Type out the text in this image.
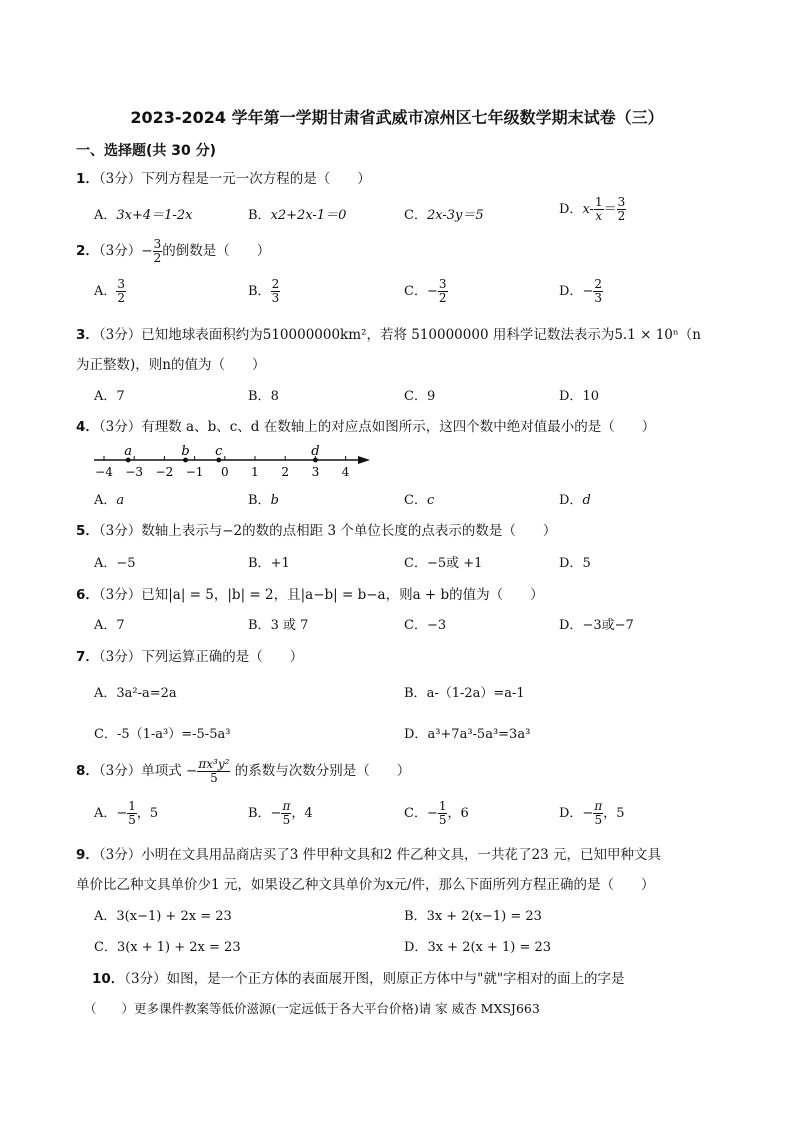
2023-2024 学年第一学期甘肃省武威市凉州区七年级数学期末试卷（三）
一、选择题(共 30 分)
1．（3分）下列方程是一元一次方程的是（　　）
A．3x+4＝1-2x	B．x2+2x-1＝0	C．2x-3y＝5	D．$x- \frac{1}{x} = \frac{3}{2}$
2．（3分）− $\frac{3}{2}$ 的倒数是（　　）
A． $\frac{3}{2}$	B． $\frac{2}{3}$	C．− $\frac{3}{2}$	D．− $\frac{2}{3}$
3．（3分）已知地球表面积约为510000000km²，若将 510000000 用科学记数法表示为5.1 × 10ⁿ（n
为正整数)，则n的值为（　　）
A．7	B．8	C．9	D．10
4．（3分）有理数 a、b、c、d 在数轴上的对应点如图所示，这四个数中绝对值最小的是（　　）
−4 −3 −2 −1 0 1 2 3 4
a	b c	d
A．a	B．b	C．c	D．d
5．（3分）数轴上表示与−2的数的点相距 3 个单位长度的点表示的数是（　　）
A．−5	B．+1	C．−5或 +1	D．5
6．（3分）已知|a| = 5，|b| = 2，且|a−b| = b−a，则a + b的值为（　　）
A．7	B．3 或 7	C．−3	D．−3或−7
7．（3分）下列运算正确的是（　　）
A．3a²-a=2a	B．a-（1-2a）=a-1
C．-5（1-a³）=-5-5a³	D．a³+7a³-5a³=3a³
8．（3分）单项式 − $\frac{\text{πx³y²}}{5}$ 的系数与次数分别是（　　）
A．− $\frac{1}{5}$ ，5	B．− $\frac{\pi}{5}$ ，4	C．− $\frac{1}{5}$ ，6	D．− $\frac{\pi}{5}$ ，5
9．（3分）小明在文具用品商店买了3 件甲种文具和2 件乙种文具，一共花了23 元，已知甲种文具
单价比乙种文具单价少1 元，如果设乙种文具单价为x元/件，那么下面所列方程正确的是（　　）
A．3(x−1) + 2x = 23	B．3x + 2(x−1) = 23
C．3(x + 1) + 2x = 23	D．3x + 2(x + 1) = 23
10．（3分）如图，是一个正方体的表面展开图，则原正方体中与"就"字相对的面上的字是
（　　）更多课件教案等低价滋源(一定远低于各大平台价格)请 家 威杏 MXSJ663
